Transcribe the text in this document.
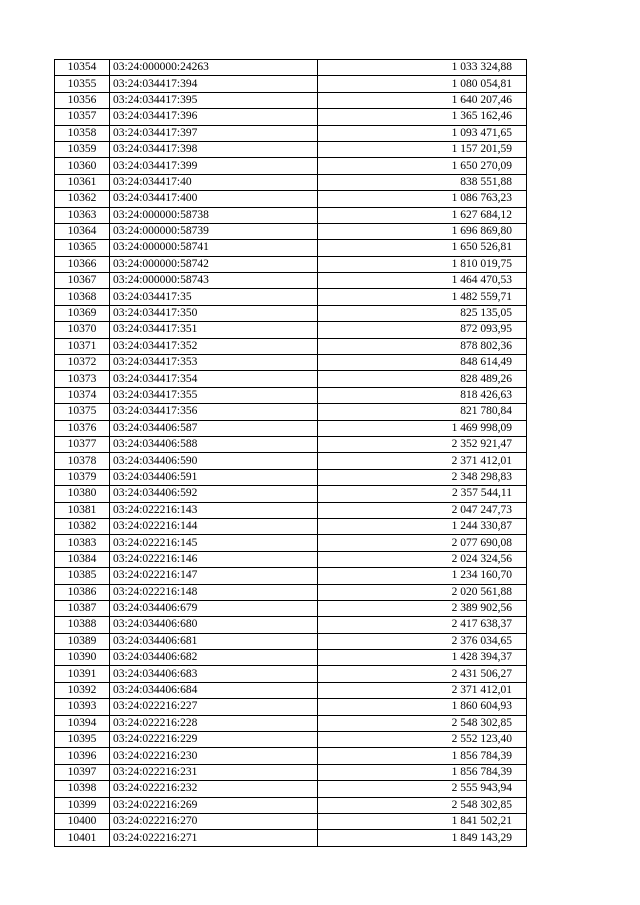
10354	03:24:000000:24263	1 033 324,88
10355	03:24:034417:394	1 080 054,81
10356	03:24:034417:395	1 640 207,46
10357	03:24:034417:396	1 365 162,46
10358	03:24:034417:397	1 093 471,65
10359	03:24:034417:398	1 157 201,59
10360	03:24:034417:399	1 650 270,09
10361	03:24:034417:40	838 551,88
10362	03:24:034417:400	1 086 763,23
10363	03:24:000000:58738	1 627 684,12
10364	03:24:000000:58739	1 696 869,80
10365	03:24:000000:58741	1 650 526,81
10366	03:24:000000:58742	1 810 019,75
10367	03:24:000000:58743	1 464 470,53
10368	03:24:034417:35	1 482 559,71
10369	03:24:034417:350	825 135,05
10370	03:24:034417:351	872 093,95
10371	03:24:034417:352	878 802,36
10372	03:24:034417:353	848 614,49
10373	03:24:034417:354	828 489,26
10374	03:24:034417:355	818 426,63
10375	03:24:034417:356	821 780,84
10376	03:24:034406:587	1 469 998,09
10377	03:24:034406:588	2 352 921,47
10378	03:24:034406:590	2 371 412,01
10379	03:24:034406:591	2 348 298,83
10380	03:24:034406:592	2 357 544,11
10381	03:24:022216:143	2 047 247,73
10382	03:24:022216:144	1 244 330,87
10383	03:24:022216:145	2 077 690,08
10384	03:24:022216:146	2 024 324,56
10385	03:24:022216:147	1 234 160,70
10386	03:24:022216:148	2 020 561,88
10387	03:24:034406:679	2 389 902,56
10388	03:24:034406:680	2 417 638,37
10389	03:24:034406:681	2 376 034,65
10390	03:24:034406:682	1 428 394,37
10391	03:24:034406:683	2 431 506,27
10392	03:24:034406:684	2 371 412,01
10393	03:24:022216:227	1 860 604,93
10394	03:24:022216:228	2 548 302,85
10395	03:24:022216:229	2 552 123,40
10396	03:24:022216:230	1 856 784,39
10397	03:24:022216:231	1 856 784,39
10398	03:24:022216:232	2 555 943,94
10399	03:24:022216:269	2 548 302,85
10400	03:24:022216:270	1 841 502,21
10401	03:24:022216:271	1 849 143,29
